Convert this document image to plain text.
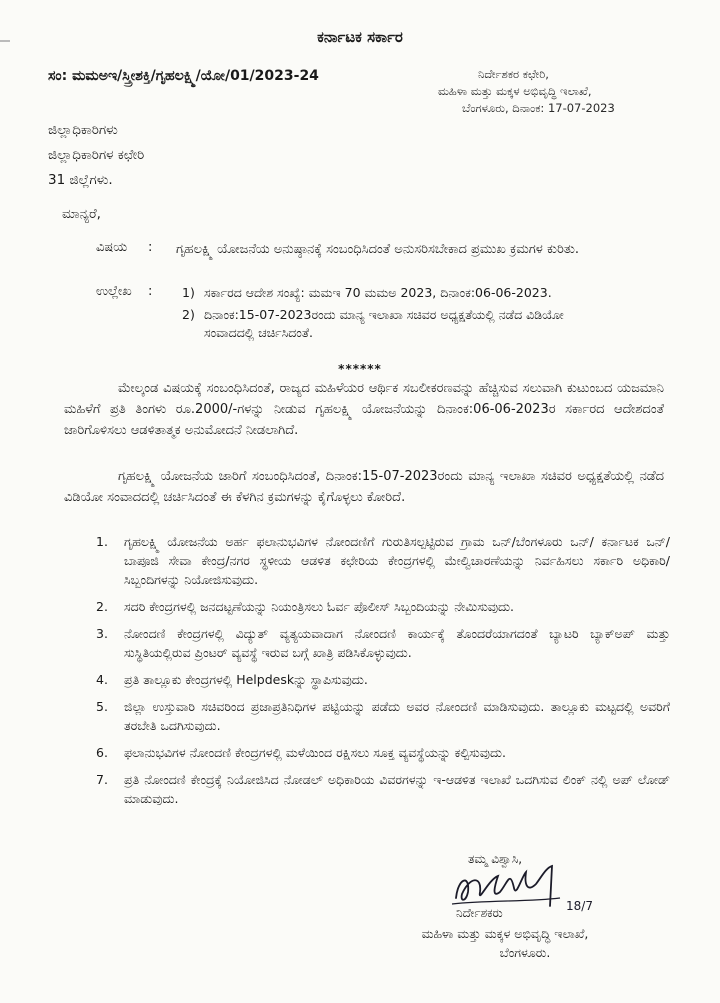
ಕರ್ನಾಟಕ ಸರ್ಕಾರ
ಸಂ: ಮಮಅಇ/ಸ್ತ್ರೀಶಕ್ತಿ/ಗೃಹಲಕ್ಷ್ಮಿ/ಯೋ/01/2023-24	ನಿರ್ದೇಶಕರ ಕಛೇರಿ,
ಮಹಿಳಾ ಮತ್ತು ಮಕ್ಕಳ ಅಭಿವೃದ್ಧಿ ಇಲಾಖೆ,
ಬೆಂಗಳೂರು, ದಿನಾಂಕ: 17-07-2023
ಜಿಲ್ಲಾಧಿಕಾರಿಗಳು
ಜಿಲ್ಲಾಧಿಕಾರಿಗಳ ಕಛೇರಿ
31 ಜಿಲ್ಲೆಗಳು.
ಮಾನ್ಯರೆ,
ವಿಷಯ : ಗೃಹಲಕ್ಷ್ಮಿ ಯೋಜನೆಯ ಅನುಷ್ಠಾನಕ್ಕೆ ಸಂಬಂಧಿಸಿದಂತೆ ಅನುಸರಿಸಬೇಕಾದ ಪ್ರಮುಖ ಕ್ರಮಗಳ ಕುರಿತು.
ಉಲ್ಲೇಖ : 1) ಸರ್ಕಾರದ ಆದೇಶ ಸಂಖ್ಯೆ: ಮಮಇ 70 ಮಮಅ 2023, ದಿನಾಂಕ:06-06-2023.
2) ದಿನಾಂಕ:15-07-2023ರಂದು ಮಾನ್ಯ ಇಲಾಖಾ ಸಚಿವರ ಅಧ್ಯಕ್ಷತೆಯಲ್ಲಿ ನಡೆದ ವಿಡಿಯೋ ಸಂವಾದದಲ್ಲಿ ಚರ್ಚಿಸಿದಂತೆ.
******
ಮೇಲ್ಕಂಡ ವಿಷಯಕ್ಕೆ ಸಂಬಂಧಿಸಿದಂತೆ, ರಾಜ್ಯದ ಮಹಿಳೆಯರ ಆರ್ಥಿಕ ಸಬಲೀಕರಣವನ್ನು ಹೆಚ್ಚಿಸುವ ಸಲುವಾಗಿ ಕುಟುಂಬದ ಯಜಮಾನಿ ಮಹಿಳೆಗೆ ಪ್ರತಿ ತಿಂಗಳು ರೂ.2000/-ಗಳನ್ನು ನೀಡುವ ಗೃಹಲಕ್ಷ್ಮಿ ಯೋಜನೆಯನ್ನು ದಿನಾಂಕ:06-06-2023ರ ಸರ್ಕಾರದ ಆದೇಶದಂತೆ ಜಾರಿಗೊಳಿಸಲು ಆಡಳಿತಾತ್ಮಕ ಅನುಮೋದನೆ ನೀಡಲಾಗಿದೆ.
ಗೃಹಲಕ್ಷ್ಮಿ ಯೋಜನೆಯ ಜಾರಿಗೆ ಸಂಬಂಧಿಸಿದಂತೆ, ದಿನಾಂಕ:15-07-2023ರಂದು ಮಾನ್ಯ ಇಲಾಖಾ ಸಚಿವರ ಅಧ್ಯಕ್ಷತೆಯಲ್ಲಿ ನಡೆದ ವಿಡಿಯೋ ಸಂವಾದದಲ್ಲಿ ಚರ್ಚಿಸಿದಂತೆ ಈ ಕೆಳಗಿನ ಕ್ರಮಗಳನ್ನು ಕೈಗೊಳ್ಳಲು ಕೋರಿದೆ.
1. ಗೃಹಲಕ್ಷ್ಮಿ ಯೋಜನೆಯ ಅರ್ಹ ಫಲಾನುಭವಿಗಳ ನೋಂದಣಿಗೆ ಗುರುತಿಸಲ್ಪಟ್ಟಿರುವ ಗ್ರಾಮ ಒನ್/ಬೆಂಗಳೂರು ಒನ್/ ಕರ್ನಾಟಕ ಒನ್/ ಬಾಪೂಜಿ ಸೇವಾ ಕೇಂದ್ರ/ನಗರ ಸ್ಥಳೀಯ ಆಡಳಿತ ಕಛೇರಿಯ ಕೇಂದ್ರಗಳಲ್ಲಿ ಮೇಲ್ವಿಚಾರಣೆಯನ್ನು ನಿರ್ವಹಿಸಲು ಸರ್ಕಾರಿ ಅಧಿಕಾರಿ/ ಸಿಬ್ಬಂದಿಗಳನ್ನು ನಿಯೋಜಿಸುವುದು.
2. ಸದರಿ ಕೇಂದ್ರಗಳಲ್ಲಿ ಜನದಟ್ಟಣೆಯನ್ನು ನಿಯಂತ್ರಿಸಲು ಓರ್ವ ಪೊಲೀಸ್ ಸಿಬ್ಬಂದಿಯನ್ನು ನೇಮಿಸುವುದು.
3. ನೋಂದಣಿ ಕೇಂದ್ರಗಳಲ್ಲಿ ವಿದ್ಯುತ್ ವ್ಯತ್ಯಯವಾದಾಗ ನೋಂದಣಿ ಕಾರ್ಯಕ್ಕೆ ತೊಂದರೆಯಾಗದಂತೆ ಬ್ಯಾಟರಿ ಬ್ಯಾಕ್‌ಅಪ್ ಮತ್ತು ಸುಸ್ಥಿತಿಯಲ್ಲಿರುವ ಪ್ರಿಂಟರ್ ವ್ಯವಸ್ಥೆ ಇರುವ ಬಗ್ಗೆ ಖಾತ್ರಿ ಪಡಿಸಿಕೊಳ್ಳುವುದು.
4. ಪ್ರತಿ ತಾಲ್ಲೂಕು ಕೇಂದ್ರಗಳಲ್ಲಿ Helpdeskನ್ನು ಸ್ಥಾಪಿಸುವುದು.
5. ಜಿಲ್ಲಾ ಉಸ್ತುವಾರಿ ಸಚಿವರಿಂದ ಪ್ರಜಾಪ್ರತಿನಿಧಿಗಳ ಪಟ್ಟಿಯನ್ನು ಪಡೆದು ಅವರ ನೋಂದಣಿ ಮಾಡಿಸುವುದು. ತಾಲ್ಲೂಕು ಮಟ್ಟದಲ್ಲಿ ಅವರಿಗೆ ತರಬೇತಿ ಒದಗಿಸುವುದು.
6. ಫಲಾನುಭವಿಗಳ ನೋಂದಣಿ ಕೇಂದ್ರಗಳಲ್ಲಿ ಮಳೆಯಿಂದ ರಕ್ಷಿಸಲು ಸೂಕ್ತ ವ್ಯವಸ್ಥೆಯನ್ನು ಕಲ್ಪಿಸುವುದು.
7. ಪ್ರತಿ ನೋಂದಣಿ ಕೇಂದ್ರಕ್ಕೆ ನಿಯೋಜಿಸಿದ ನೋಡಲ್ ಅಧಿಕಾರಿಯ ವಿವರಗಳನ್ನು ಇ-ಆಡಳಿತ ಇಲಾಖೆ ಒದಗಿಸುವ ಲಿಂಕ್ ನಲ್ಲಿ ಅಪ್ ಲೋಡ್ ಮಾಡುವುದು.
ತಮ್ಮ ವಿಶ್ವಾಸಿ,
18/7
ನಿರ್ದೇಶಕರು
ಮಹಿಳಾ ಮತ್ತು ಮಕ್ಕಳ ಅಭಿವೃದ್ಧಿ ಇಲಾಖೆ,
ಬೆಂಗಳೂರು.
